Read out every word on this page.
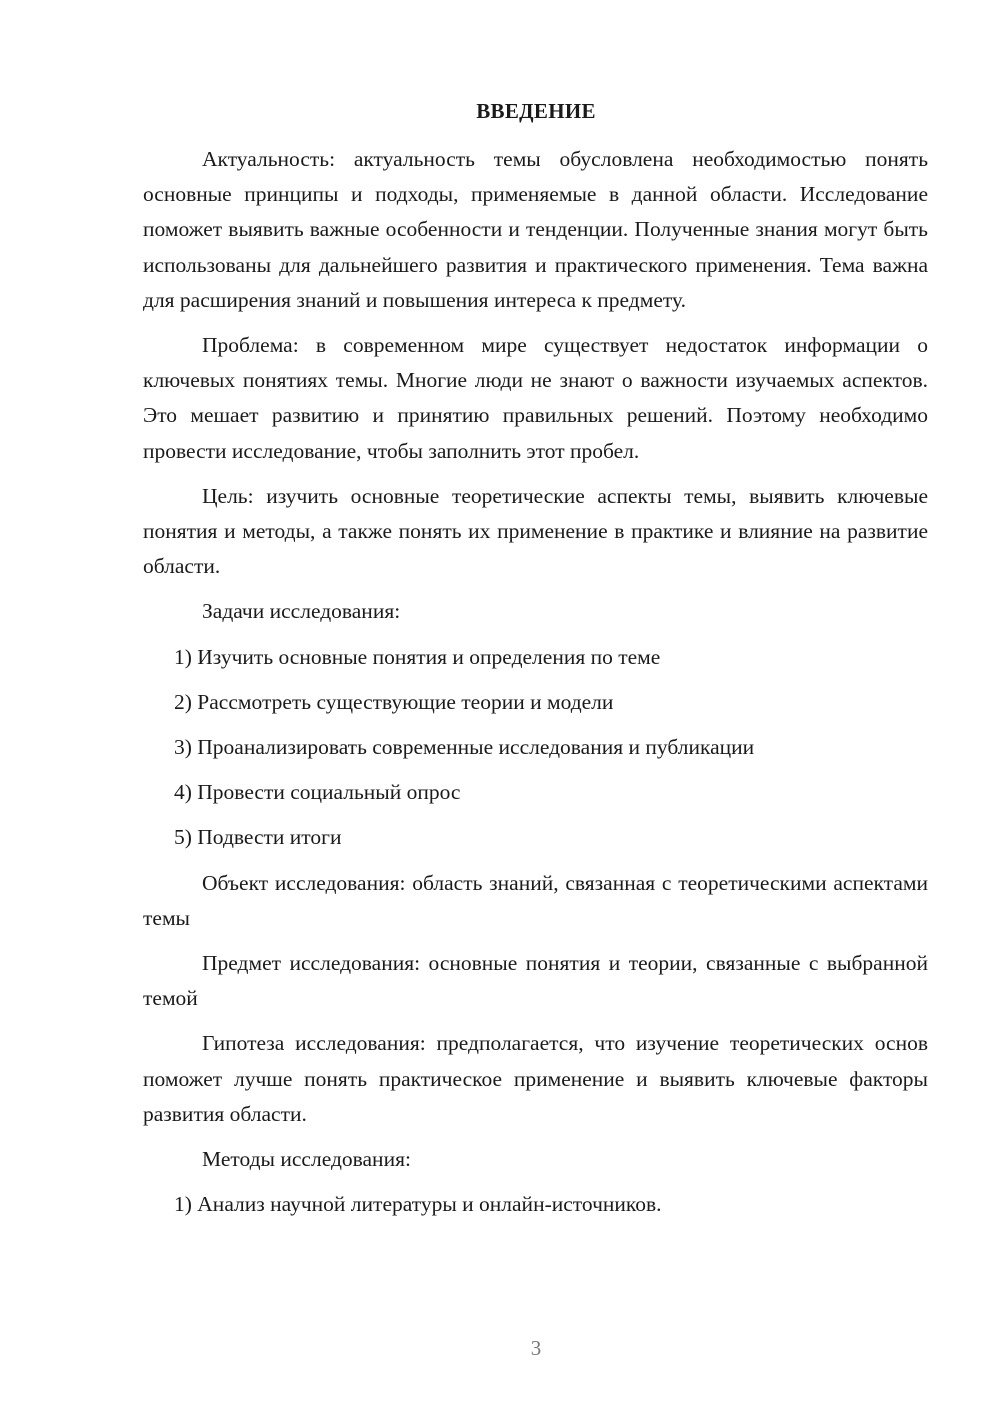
ВВЕДЕНИЕ

Актуальность: актуальность темы обусловлена необходимостью понять основные принципы и подходы, применяемые в данной области. Исследование поможет выявить важные особенности и тенденции. Полученные знания могут быть использованы для дальнейшего развития и практического применения. Тема важна для расширения знаний и повышения интереса к предмету.

Проблема: в современном мире существует недостаток информации о ключевых понятиях темы. Многие люди не знают о важности изучаемых аспектов. Это мешает развитию и принятию правильных решений. Поэтому необходимо провести исследование, чтобы заполнить этот пробел.

Цель: изучить основные теоретические аспекты темы, выявить ключевые понятия и методы, а также понять их применение в практике и влияние на развитие области.

Задачи исследования:

1) Изучить основные понятия и определения по теме
2) Рассмотреть существующие теории и модели
3) Проанализировать современные исследования и публикации
4) Провести социальный опрос
5) Подвести итоги

Объект исследования: область знаний, связанная с теоретическими аспектами темы

Предмет исследования: основные понятия и теории, связанные с выбранной темой

Гипотеза исследования: предполагается, что изучение теоретических основ поможет лучше понять практическое применение и выявить ключевые факторы развития области.

Методы исследования:

1) Анализ научной литературы и онлайн-источников.
3
